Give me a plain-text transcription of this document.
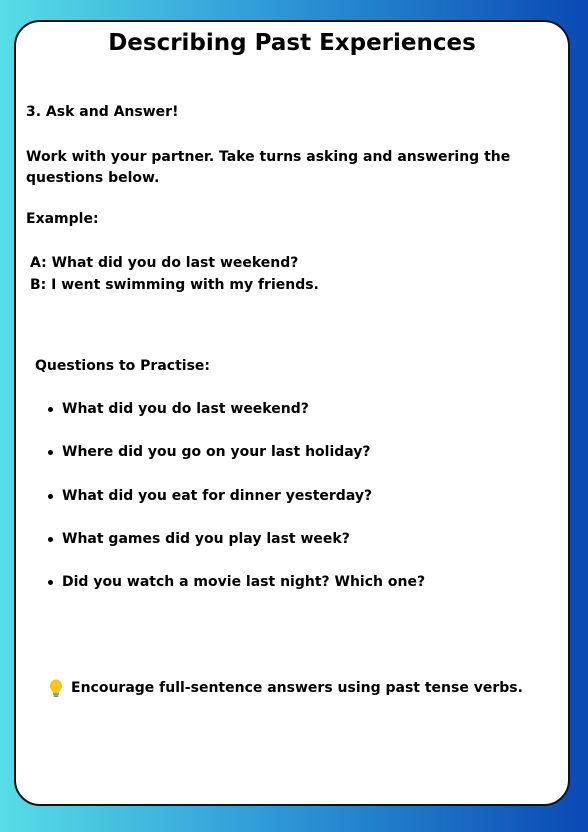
Describing Past Experiences
3. Ask and Answer!
Work with your partner. Take turns asking and answering the questions below.
Example:
A: What did you do last weekend?
B: I went swimming with my friends.
Questions to Practise:
What did you do last weekend?
Where did you go on your last holiday?
What did you eat for dinner yesterday?
What games did you play last week?
Did you watch a movie last night? Which one?
Encourage full-sentence answers using past tense verbs.
